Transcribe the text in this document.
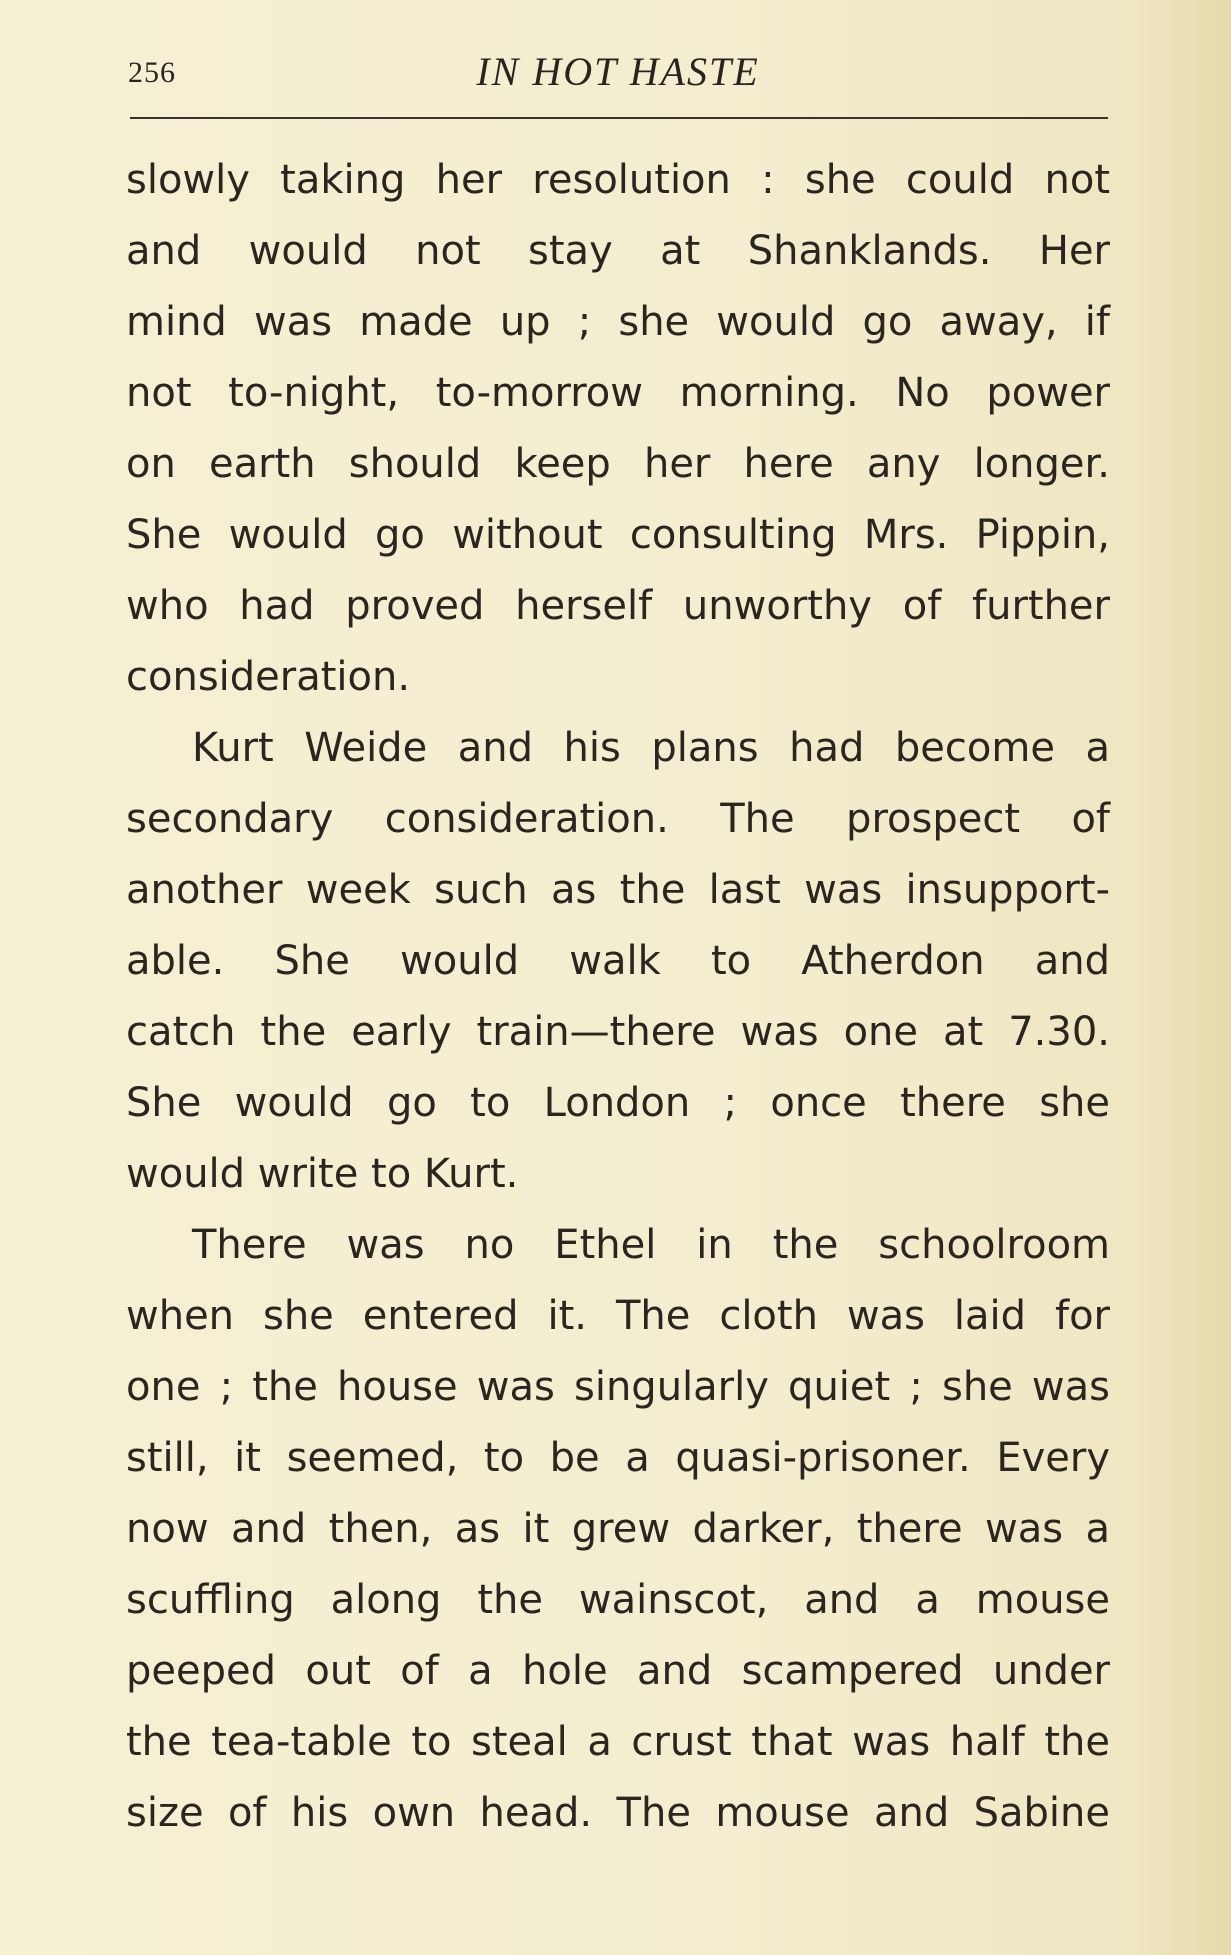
256	IN HOT HASTE
slowly taking her resolution : she could not
and would not stay at Shanklands. Her
mind was made up ; she would go away, if
not to-night, to-morrow morning. No power
on earth should keep her here any longer.
She would go without consulting Mrs. Pippin,
who had proved herself unworthy of further
consideration.
Kurt Weide and his plans had become a
secondary consideration. The prospect of
another week such as the last was insupport-
able. She would walk to Atherdon and
catch the early train—there was one at 7.30.
She would go to London ; once there she
would write to Kurt.
There was no Ethel in the schoolroom
when she entered it. The cloth was laid for
one ; the house was singularly quiet ; she was
still, it seemed, to be a quasi-prisoner. Every
now and then, as it grew darker, there was a
scuffling along the wainscot, and a mouse
peeped out of a hole and scampered under
the tea-table to steal a crust that was half the
size of his own head. The mouse and Sabine
